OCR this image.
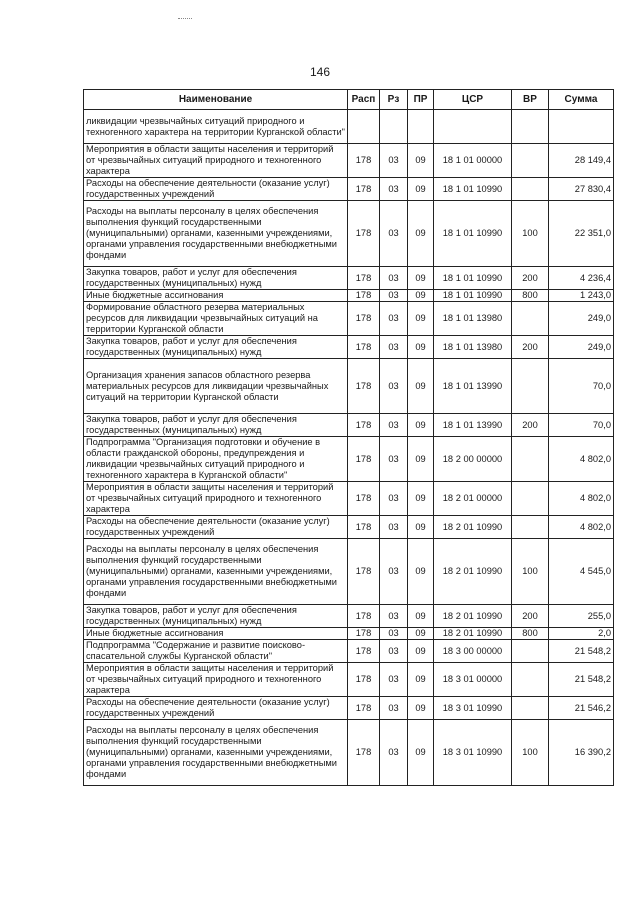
146
Наименование	Расп	Рз	ПР	ЦСР	ВР	Сумма
ликвидации чрезвычайных ситуаций природного и техногенного характера на территории Курганской области"						
Мероприятия в области защиты населения и территорий от чрезвычайных ситуаций природного и техногенного характера	178	03	09	18 1 01 00000		28 149,4
Расходы на обеспечение деятельности (оказание услуг) государственных учреждений	178	03	09	18 1 01 10990		27 830,4
Расходы на выплаты персоналу в целях обеспечения выполнения функций государственными (муниципальными) органами, казенными учреждениями, органами управления государственными внебюджетными фондами	178	03	09	18 1 01 10990	100	22 351,0
Закупка товаров, работ и услуг для обеспечения государственных (муниципальных) нужд	178	03	09	18 1 01 10990	200	4 236,4
Иные бюджетные ассигнования	178	03	09	18 1 01 10990	800	1 243,0
Формирование областного резерва материальных ресурсов для ликвидации чрезвычайных ситуаций на территории Курганской области	178	03	09	18 1 01 13980		249,0
Закупка товаров, работ и услуг для обеспечения государственных (муниципальных) нужд	178	03	09	18 1 01 13980	200	249,0
Организация хранения запасов областного резерва материальных ресурсов для ликвидации чрезвычайных ситуаций на территории Курганской области	178	03	09	18 1 01 13990		70,0
Закупка товаров, работ и услуг для обеспечения государственных (муниципальных) нужд	178	03	09	18 1 01 13990	200	70,0
Подпрограмма "Организация подготовки и обучение в области гражданской обороны, предупреждения и ликвидации чрезвычайных ситуаций природного и техногенного характера в Курганской области"	178	03	09	18 2 00 00000		4 802,0
Мероприятия в области защиты населения и территорий от чрезвычайных ситуаций природного и техногенного характера	178	03	09	18 2 01 00000		4 802,0
Расходы на обеспечение деятельности (оказание услуг) государственных учреждений	178	03	09	18 2 01 10990		4 802,0
Расходы на выплаты персоналу в целях обеспечения выполнения функций государственными (муниципальными) органами, казенными учреждениями, органами управления государственными внебюджетными фондами	178	03	09	18 2 01 10990	100	4 545,0
Закупка товаров, работ и услуг для обеспечения государственных (муниципальных) нужд	178	03	09	18 2 01 10990	200	255,0
Иные бюджетные ассигнования	178	03	09	18 2 01 10990	800	2,0
Подпрограмма "Содержание и развитие поисково-спасательной службы Курганской области"	178	03	09	18 3 00 00000		21 548,2
Мероприятия в области защиты населения и территорий от чрезвычайных ситуаций природного и техногенного характера	178	03	09	18 3 01 00000		21 548,2
Расходы на обеспечение деятельности (оказание услуг) государственных учреждений	178	03	09	18 3 01 10990		21 546,2
Расходы на выплаты персоналу в целях обеспечения выполнения функций государственными (муниципальными) органами, казенными учреждениями, органами управления государственными внебюджетными фондами	178	03	09	18 3 01 10990	100	16 390,2
